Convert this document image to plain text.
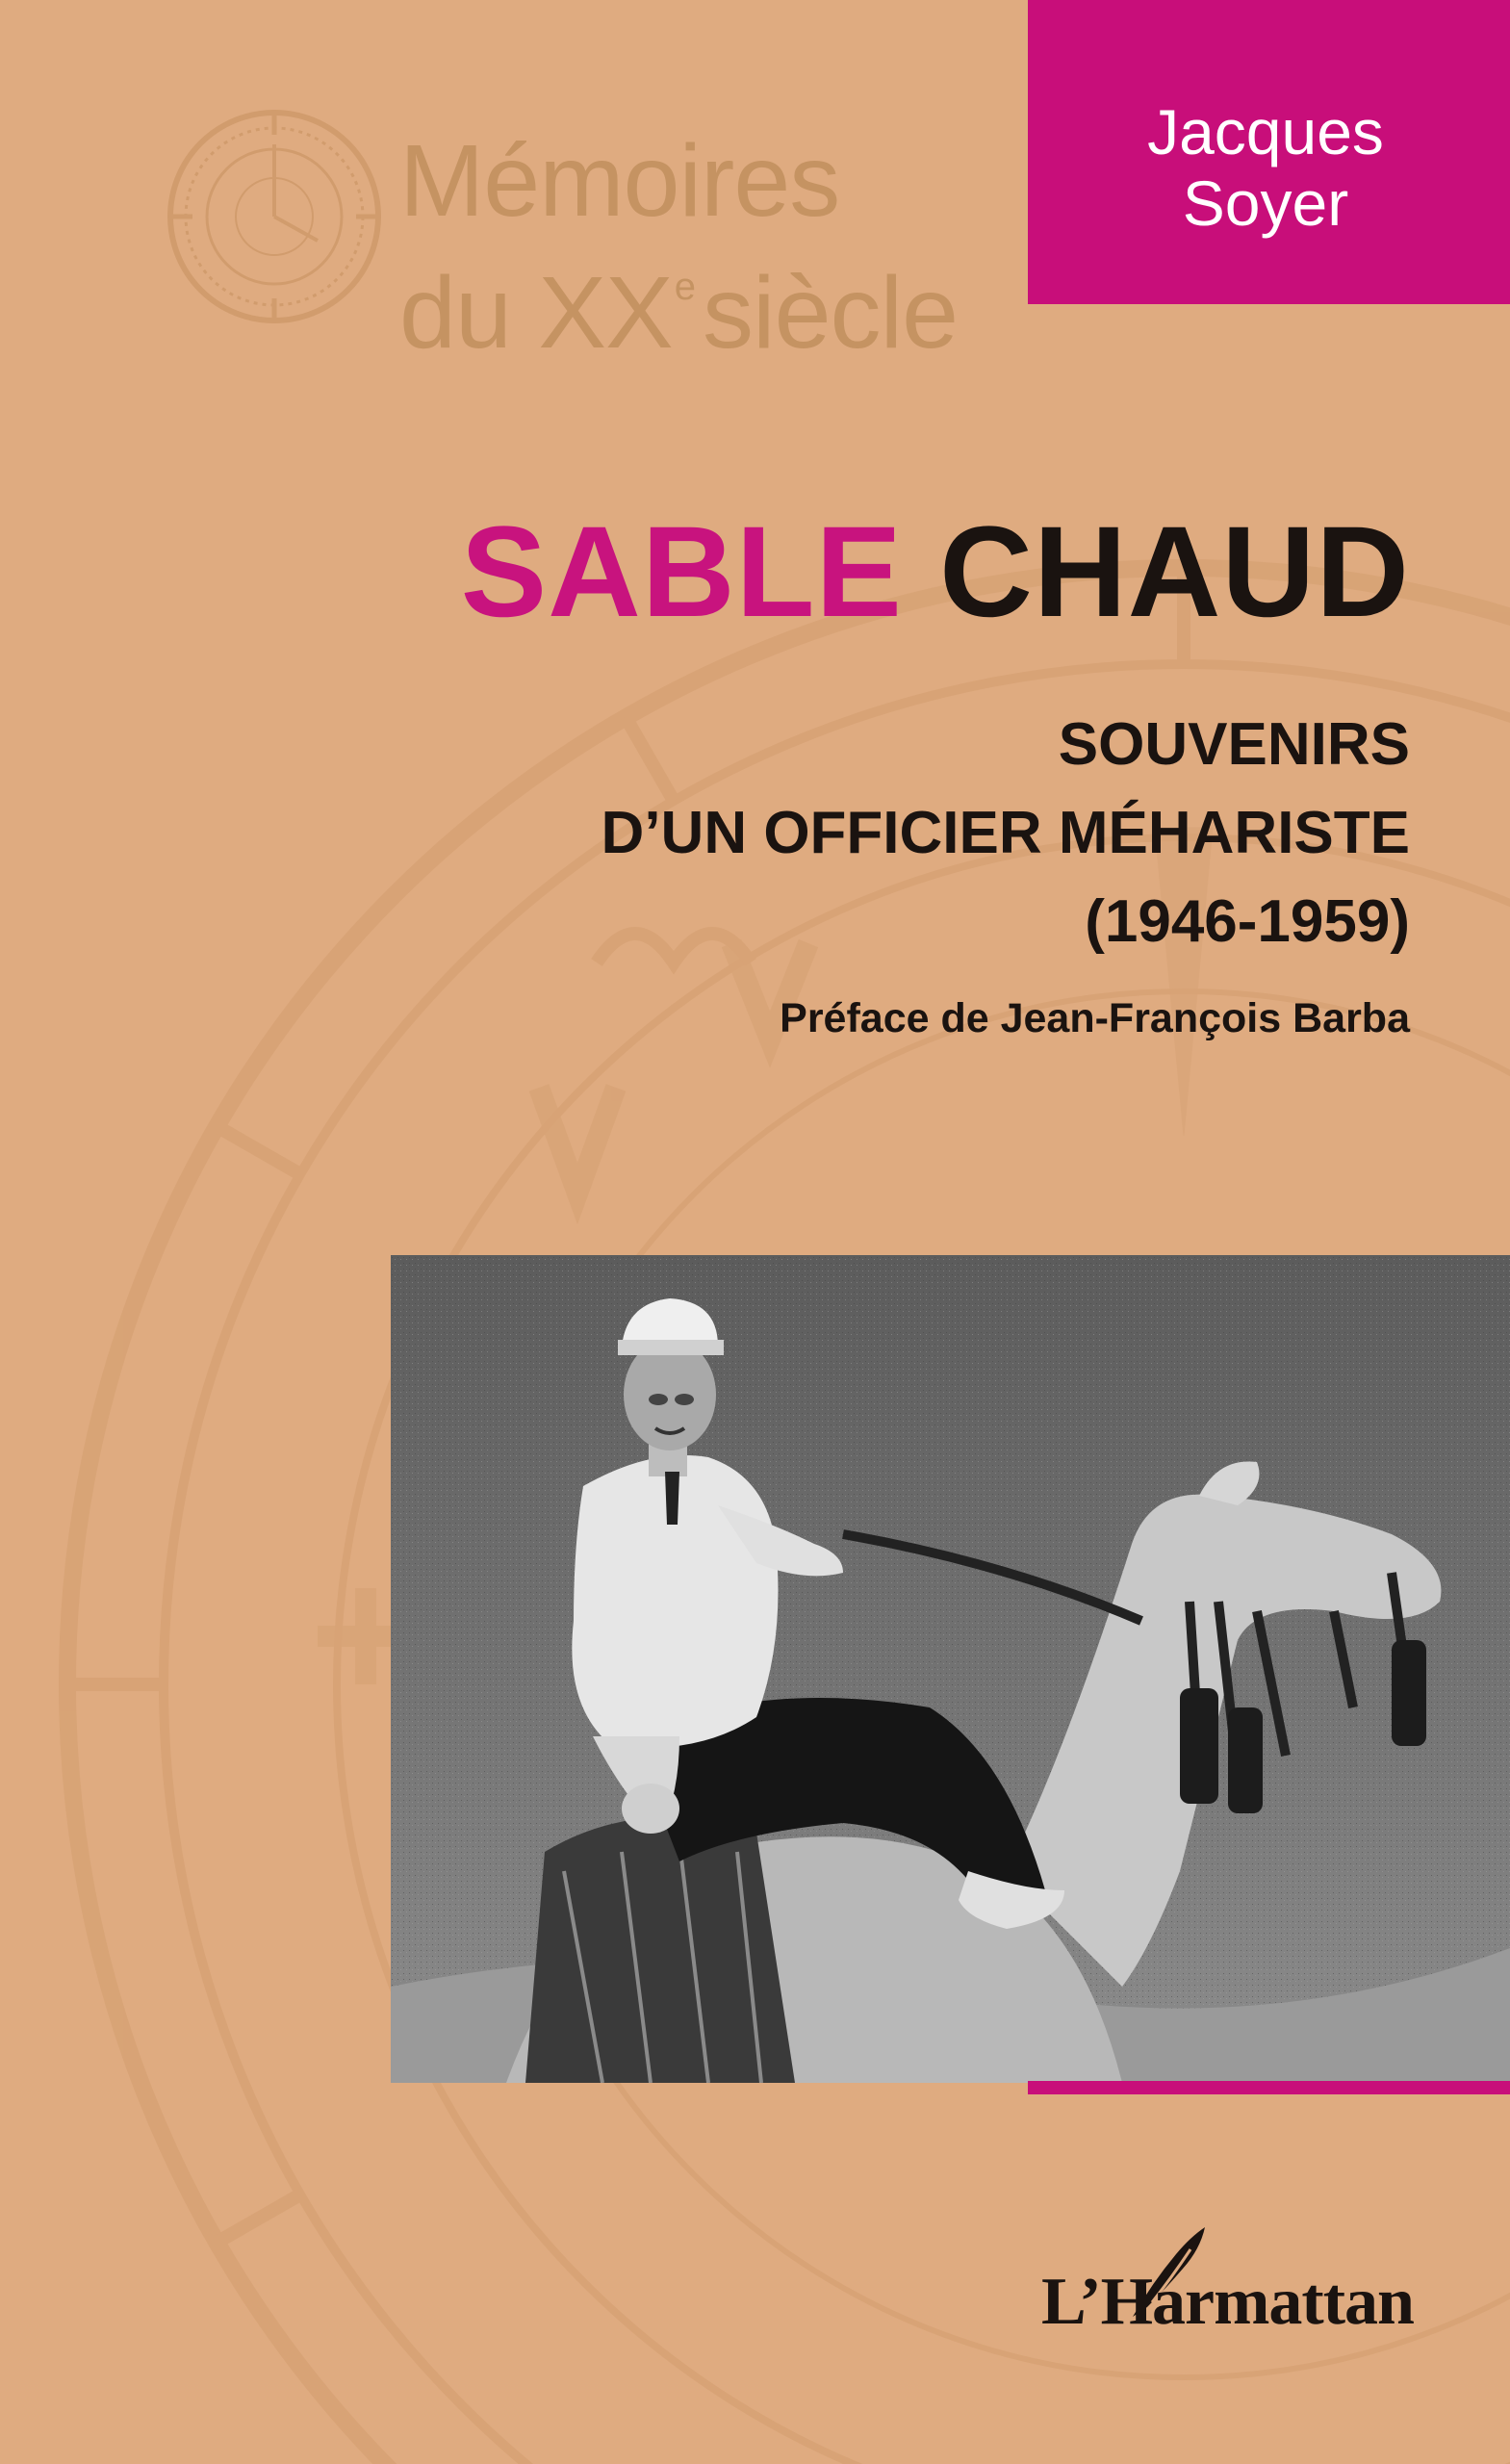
Mémoires
du XXesiècle
Jacques
Soyer
SABLE CHAUD
SOUVENIRS
D’UN OFFICIER MÉHARISTE
(1946-1959)
Préface de Jean-François Barba
L’Harmattan
